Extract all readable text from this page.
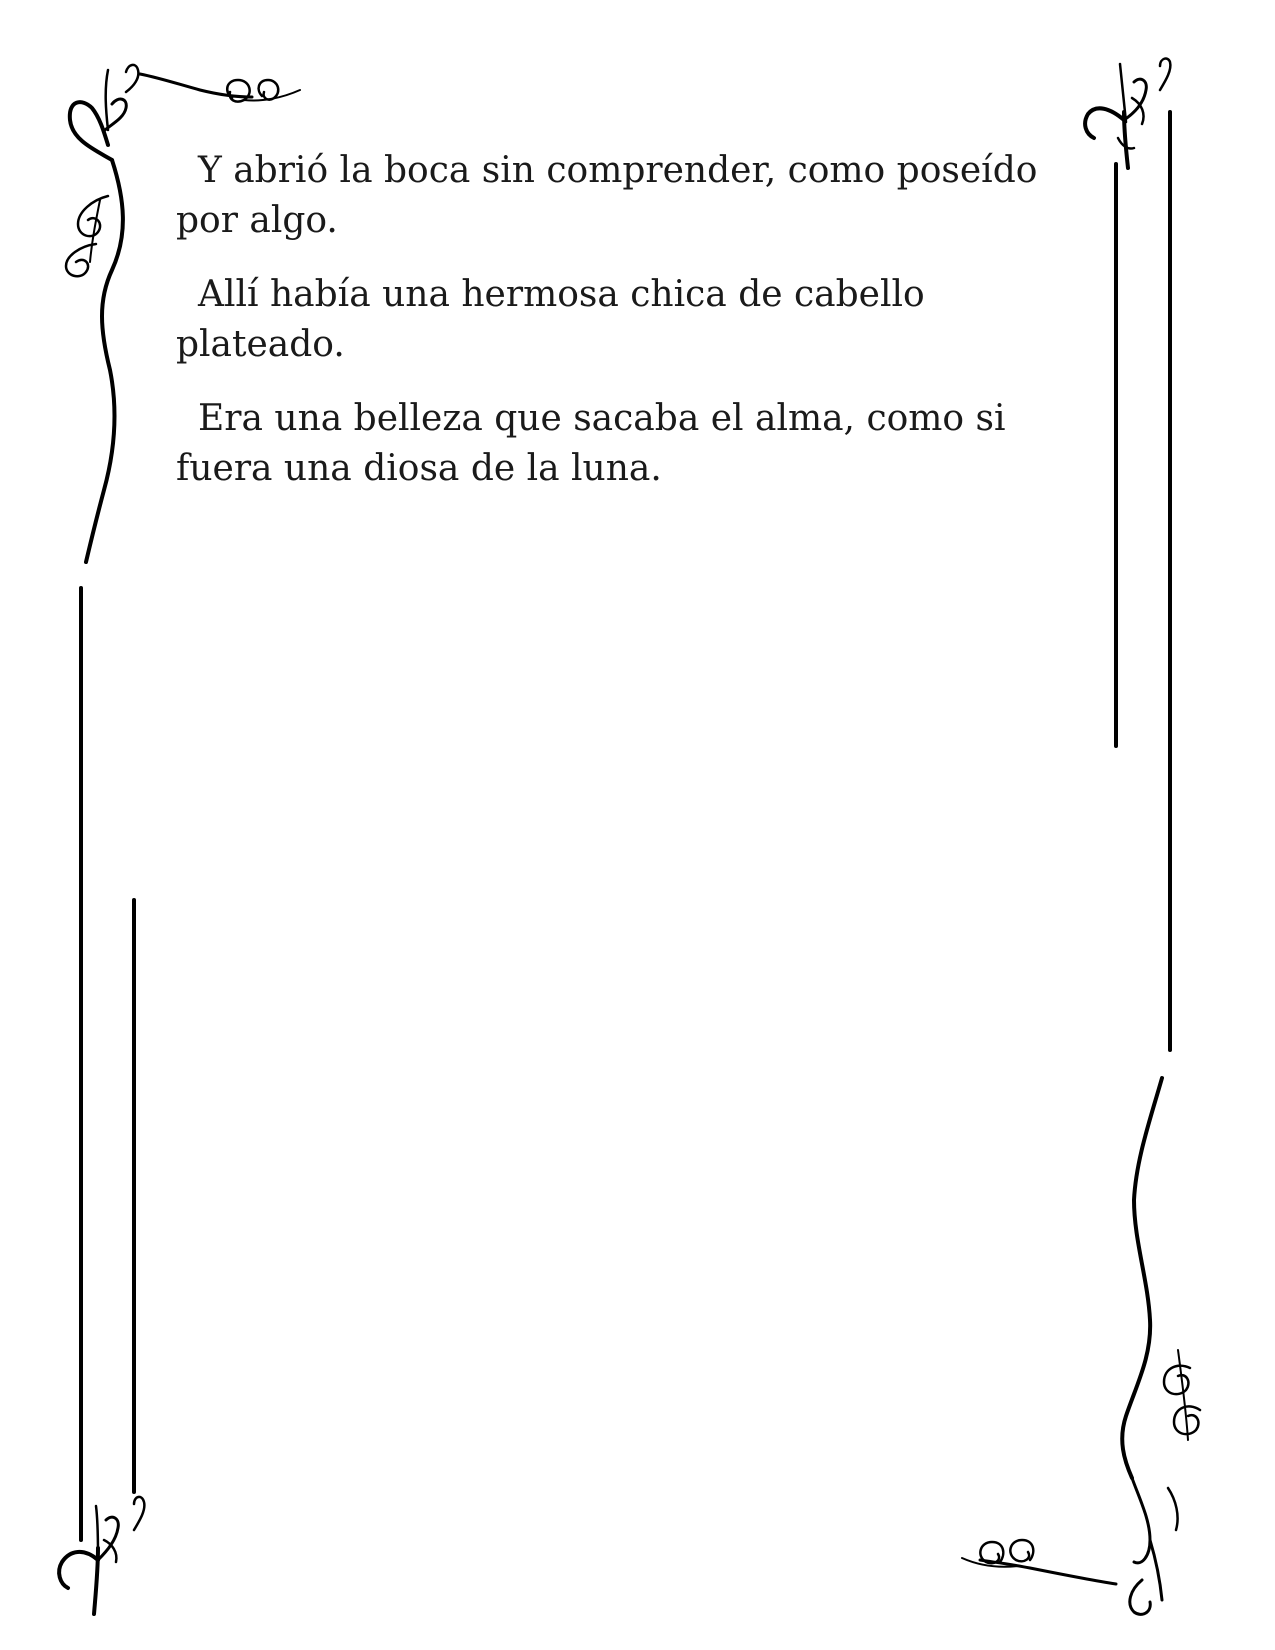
Y abrió la boca sin comprender, como poseído por algo.

Allí había una hermosa chica de cabello plateado.

Era una belleza que sacaba el alma, como si fuera una diosa de la luna.
